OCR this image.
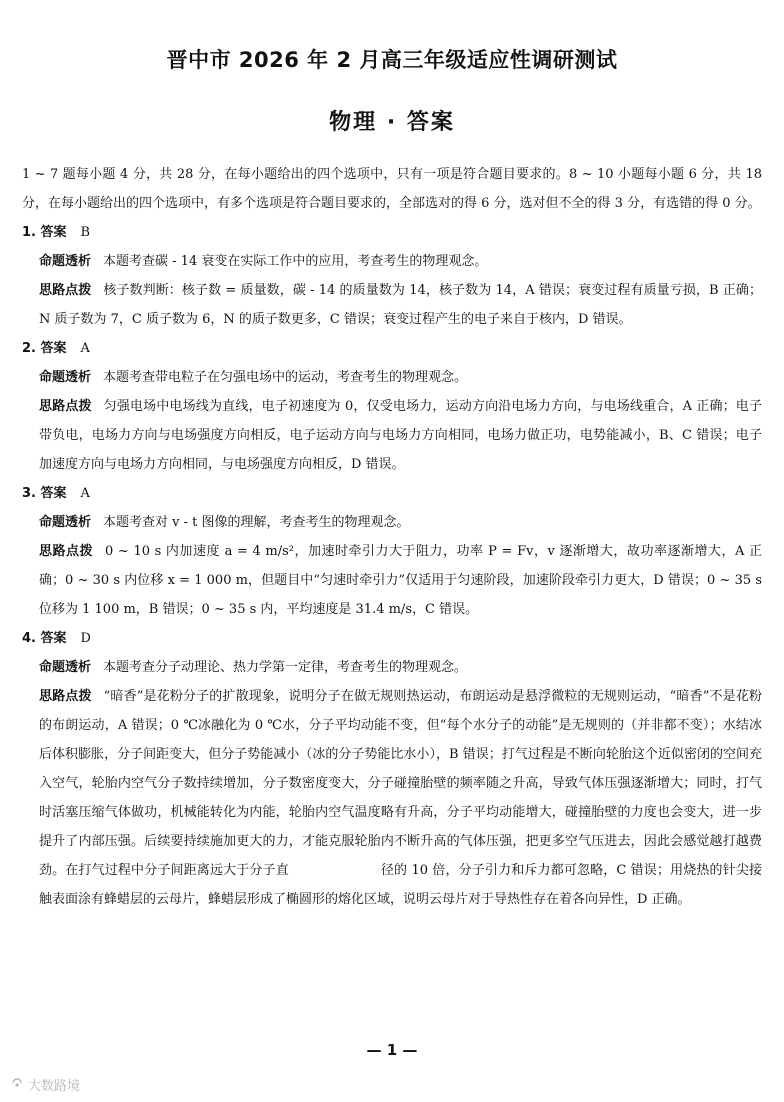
晋中市 2026 年 2 月高三年级适应性调研测试
物理 · 答案

1 ~ 7 题每小题 4 分，共 28 分，在每小题给出的四个选项中，只有一项是符合题目要求的。8 ~ 10 小题每小题 6 分，共 18 分，在每小题给出的四个选项中，有多个选项是符合题目要求的，全部选对的得 6 分，选对但不全的得 3 分，有选错的得 0 分。

1. 答案 B

命题透析 本题考查碳 - 14 衰变在实际工作中的应用，考查考生的物理观念。

思路点拨 核子数判断：核子数 = 质量数，碳 - 14 的质量数为 14，核子数为 14，A 错误；衰变过程有质量亏损，B 正确；N 质子数为 7，C 质子数为 6，N 的质子数更多，C 错误；衰变过程产生的电子来自于核内，D 错误。

2. 答案 A

命题透析 本题考查带电粒子在匀强电场中的运动，考查考生的物理观念。

思路点拨 匀强电场中电场线为直线，电子初速度为 0，仅受电场力，运动方向沿电场力方向，与电场线重合，A 正确；电子带负电，电场力方向与电场强度方向相反，电子运动方向与电场力方向相同，电场力做正功，电势能减小，B、C 错误；电子加速度方向与电场力方向相同，与电场强度方向相反，D 错误。

3. 答案 A

命题透析 本题考查对 v - t 图像的理解，考查考生的物理观念。

思路点拨 0 ~ 10 s 内加速度 a = 4 m/s²，加速时牵引力大于阻力，功率 P = Fv，v 逐渐增大，故功率逐渐增大，A 正确；0 ~ 30 s 内位移 x = 1 000 m，但题目中“匀速时牵引力”仅适用于匀速阶段，加速阶段牵引力更大，D 错误；0 ~ 35 s 位移为 1 100 m，B 错误；0 ~ 35 s 内，平均速度是 31.4 m/s，C 错误。

4. 答案 D

命题透析 本题考查分子动理论、热力学第一定律，考查考生的物理观念。

思路点拨 “暗香”是花粉分子的扩散现象，说明分子在做无规则热运动，布朗运动是悬浮微粒的无规则运动，“暗香”不是花粉的布朗运动，A 错误；0 ℃冰融化为 0 ℃水，分子平均动能不变，但“每个水分子的动能”是无规则的（并非都不变）；水结冰后体积膨胀，分子间距变大，但分子势能减小（冰的分子势能比水小），B 错误；打气过程是不断向轮胎这个近似密闭的空间充入空气，轮胎内空气分子数持续增加，分子数密度变大，分子碰撞胎壁的频率随之升高，导致气体压强逐渐增大；同时，打气时活塞压缩气体做功，机械能转化为内能，轮胎内空气温度略有升高，分子平均动能增大，碰撞胎壁的力度也会变大，进一步提升了内部压强。后续要持续施加更大的力，才能克服轮胎内不断升高的气体压强，把更多空气压进去，因此会感觉越打越费劲。在打气过程中分子间距离远大于分子直　　　　　　　径的 10 倍，分子引力和斥力都可忽略，C 错误；用烧热的针尖接触表面涂有蜂蜡层的云母片，蜂蜡层形成了椭圆形的熔化区域，说明云母片对于导热性存在着各向异性，D 正确。

— 1 —
大数路境
